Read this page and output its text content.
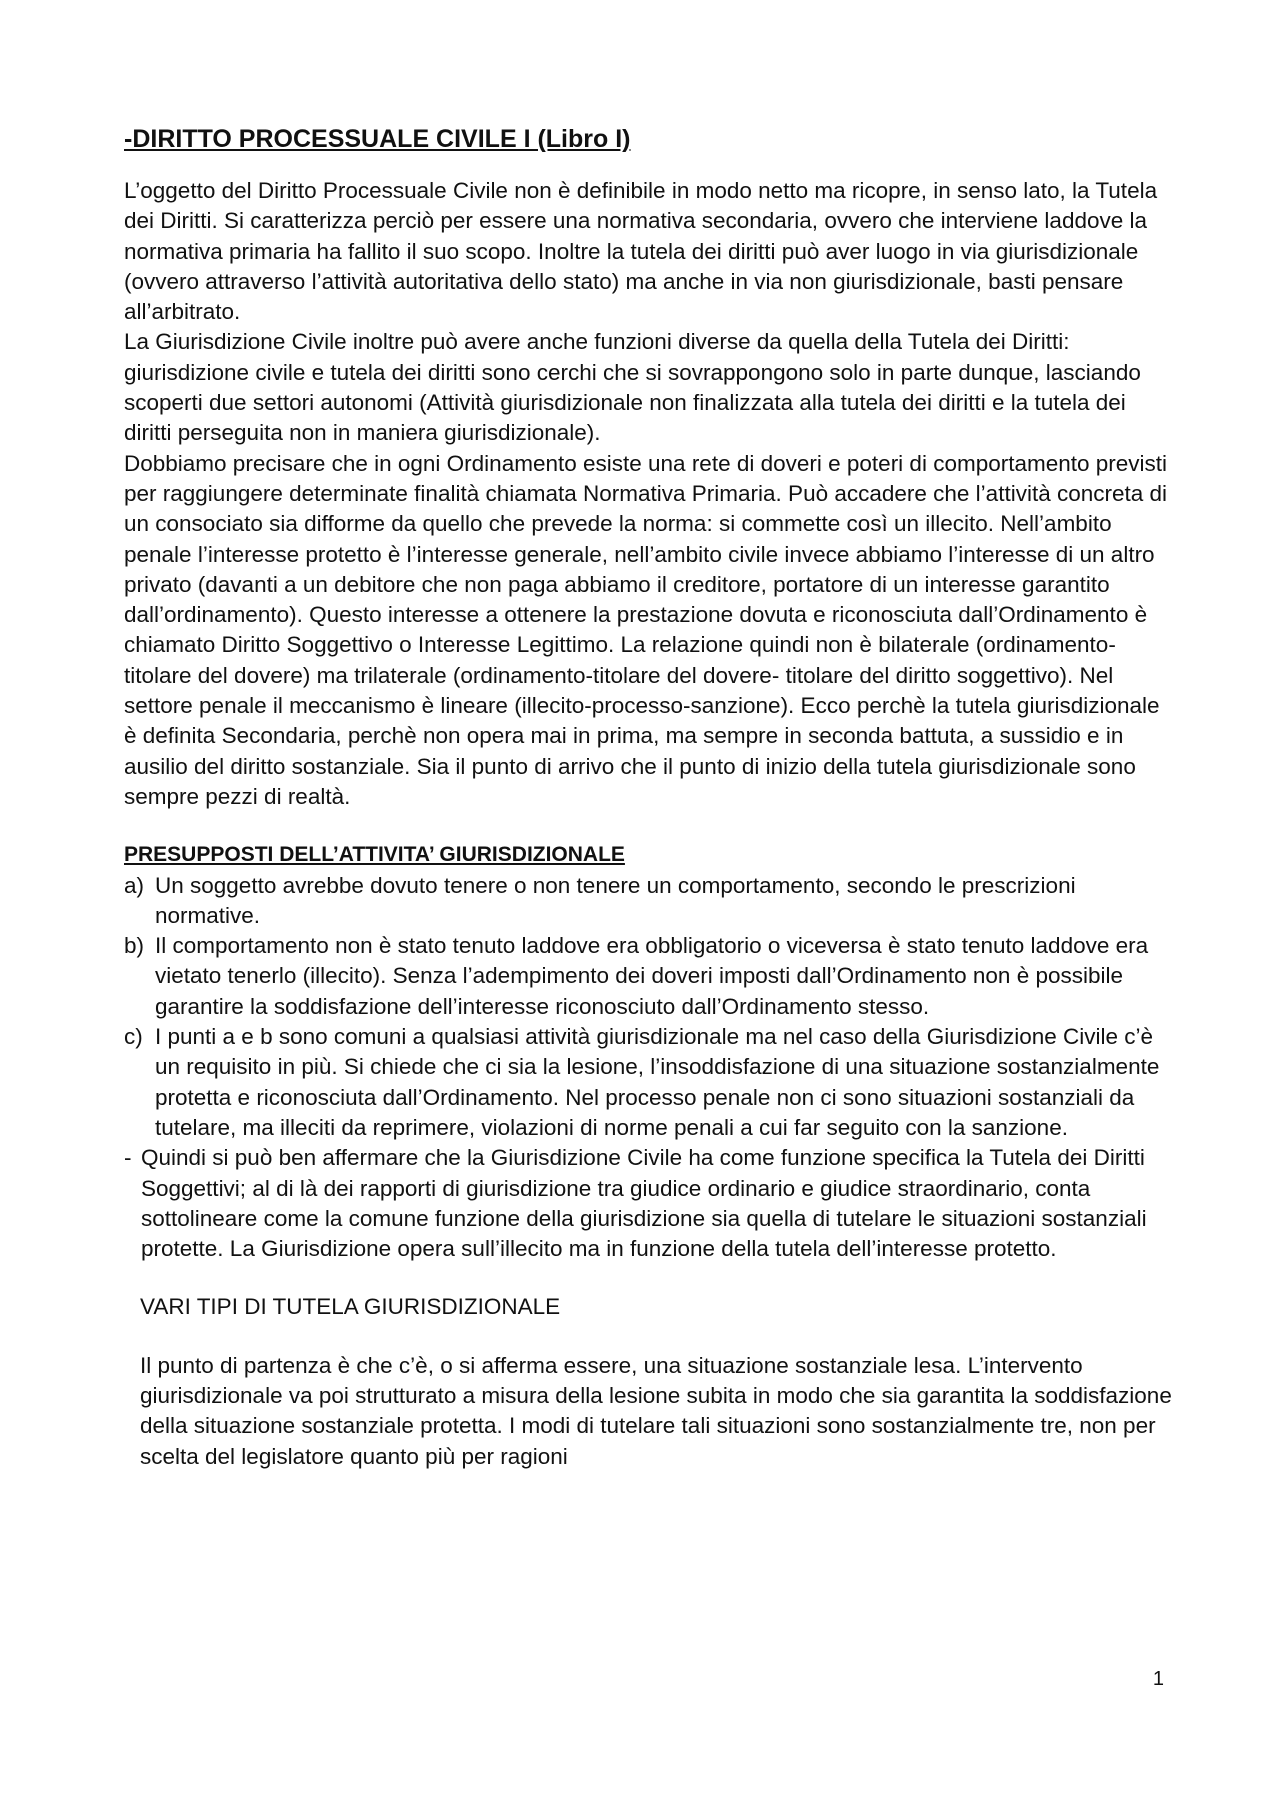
-DIRITTO PROCESSUALE CIVILE I (Libro I)

L’oggetto del Diritto Processuale Civile non è definibile in modo netto ma ricopre, in senso lato, la Tutela dei Diritti. Si caratterizza perciò per essere una normativa secondaria, ovvero che interviene laddove la normativa primaria ha fallito il suo scopo. Inoltre la tutela dei diritti può aver luogo in via giurisdizionale (ovvero attraverso l’attività autoritativa dello stato) ma anche in via non giurisdizionale, basti pensare all’arbitrato.

La Giurisdizione Civile inoltre può avere anche funzioni diverse da quella della Tutela dei Diritti: giurisdizione civile e tutela dei diritti sono cerchi che si sovrappongono solo in parte dunque, lasciando scoperti due settori autonomi (Attività giurisdizionale non finalizzata alla tutela dei diritti e la tutela dei diritti perseguita non in maniera giurisdizionale).

Dobbiamo precisare che in ogni Ordinamento esiste una rete di doveri e poteri di comportamento previsti per raggiungere determinate finalità chiamata Normativa Primaria. Può accadere che l’attività concreta di un consociato sia difforme da quello che prevede la norma: si commette così un illecito. Nell’ambito penale l’interesse protetto è l’interesse generale, nell’ambito civile invece abbiamo l’interesse di un altro privato (davanti a un debitore che non paga abbiamo il creditore, portatore di un interesse garantito dall’ordinamento). Questo interesse a ottenere la prestazione dovuta e riconosciuta dall’Ordinamento è chiamato Diritto Soggettivo o Interesse Legittimo. La relazione quindi non è bilaterale (ordinamento-titolare del dovere) ma trilaterale (ordinamento-titolare del dovere- titolare del diritto soggettivo). Nel settore penale il meccanismo è lineare (illecito-processo-sanzione). Ecco perchè la tutela giurisdizionale è definita Secondaria, perchè non opera mai in prima, ma sempre in seconda battuta, a sussidio e in ausilio del diritto sostanziale. Sia il punto di arrivo che il punto di inizio della tutela giurisdizionale sono sempre pezzi di realtà.

PRESUPPOSTI DELL’ATTIVITA’ GIURISDIZIONALE
a) Un soggetto avrebbe dovuto tenere o non tenere un comportamento, secondo le prescrizioni normative.
b) Il comportamento non è stato tenuto laddove era obbligatorio o viceversa è stato tenuto laddove era vietato tenerlo (illecito). Senza l’adempimento dei doveri imposti dall’Ordinamento non è possibile garantire la soddisfazione dell’interesse riconosciuto dall’Ordinamento stesso.
c) I punti a e b sono comuni a qualsiasi attività giurisdizionale ma nel caso della Giurisdizione Civile c’è un requisito in più. Si chiede che ci sia la lesione, l’insoddisfazione di una situazione sostanzialmente protetta e riconosciuta dall’Ordinamento. Nel processo penale non ci sono situazioni sostanziali da tutelare, ma illeciti da reprimere, violazioni di norme penali a cui far seguito con la sanzione.
- Quindi si può ben affermare che la Giurisdizione Civile ha come funzione specifica la Tutela dei Diritti Soggettivi; al di là dei rapporti di giurisdizione tra giudice ordinario e giudice straordinario, conta sottolineare come la comune funzione della giurisdizione sia quella di tutelare le situazioni sostanziali protette. La Giurisdizione opera sull’illecito ma in funzione della tutela dell’interesse protetto.
VARI TIPI DI TUTELA GIURISDIZIONALE

Il punto di partenza è che c’è, o si afferma essere, una situazione sostanziale lesa. L’intervento giurisdizionale va poi strutturato a misura della lesione subita in modo che sia garantita la soddisfazione della situazione sostanziale protetta. I modi di tutelare tali situazioni sono sostanzialmente tre, non per scelta del legislatore quanto più per ragioni

1
